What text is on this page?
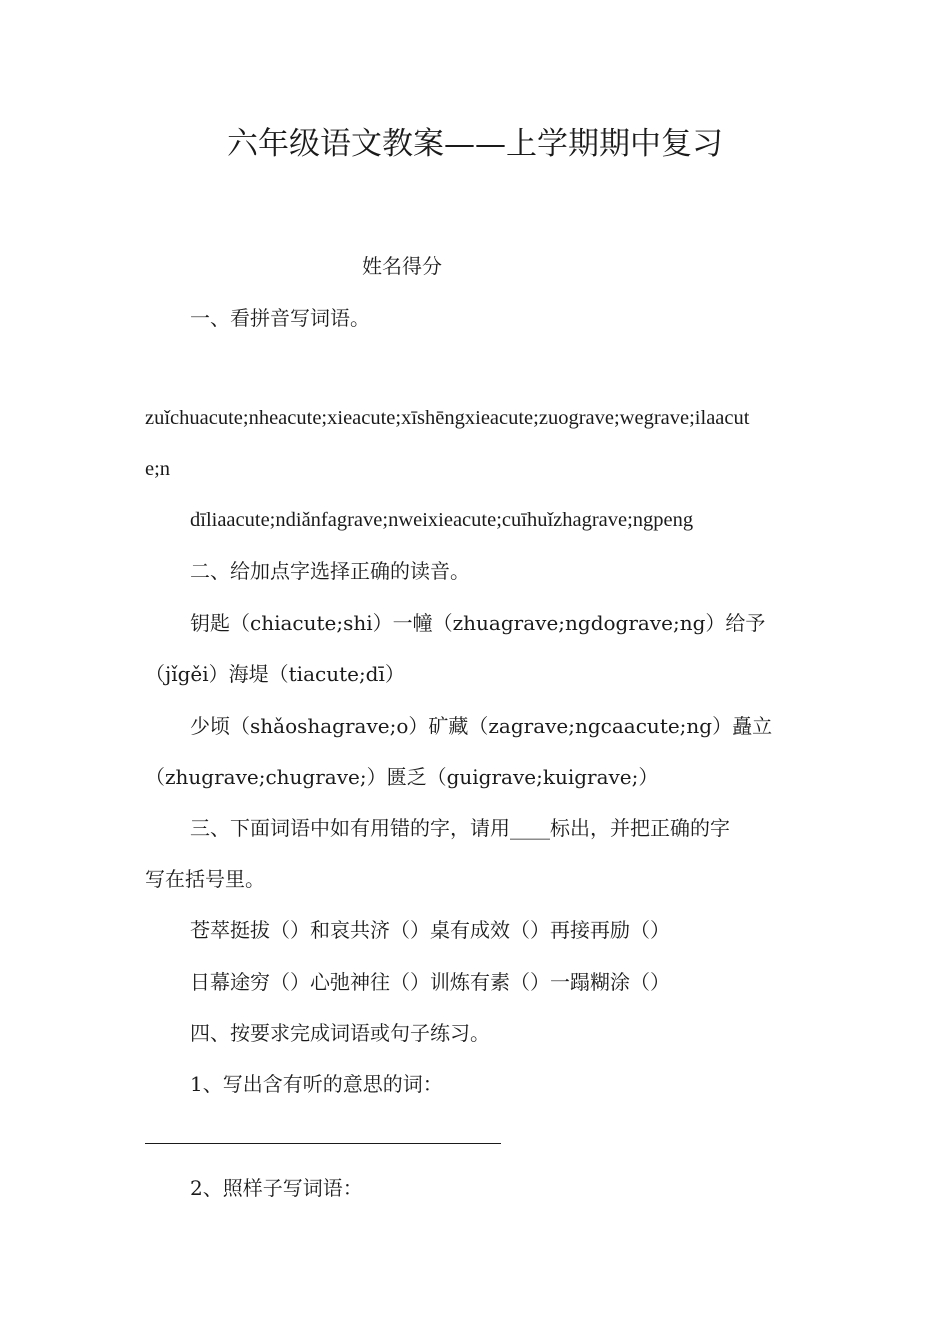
六年级语文教案——上学期期中复习

姓名得分

一、看拼音写词语。

zuǐchuacute;nheacute;xieacute;xīshēngxieacute;zuograve;wegrave;ilaacut

e;n

dīliaacute;ndiǎnfagrave;nweixieacute;cuīhuǐzhagrave;ngpeng

二、给加点字选择正确的读音。

钥匙（chiacute;shi）一幢（zhuagrave;ngdograve;ng）给予

（jǐgěi）海堤（tiacute;dī）

少顷（shǎoshagrave;o）矿藏（zagrave;ngcaacute;ng）矗立

（zhugrave;chugrave;）匮乏（guigrave;kuigrave;）

三、下面词语中如有用错的字，请用____标出，并把正确的字

写在括号里。

苍萃挺拔（）和哀共济（）桌有成效（）再接再励（）

日幕途穷（）心弛神往（）训炼有素（）一蹋糊涂（）

四、按要求完成词语或句子练习。

1、写出含有听的意思的词：

2、照样子写词语：
